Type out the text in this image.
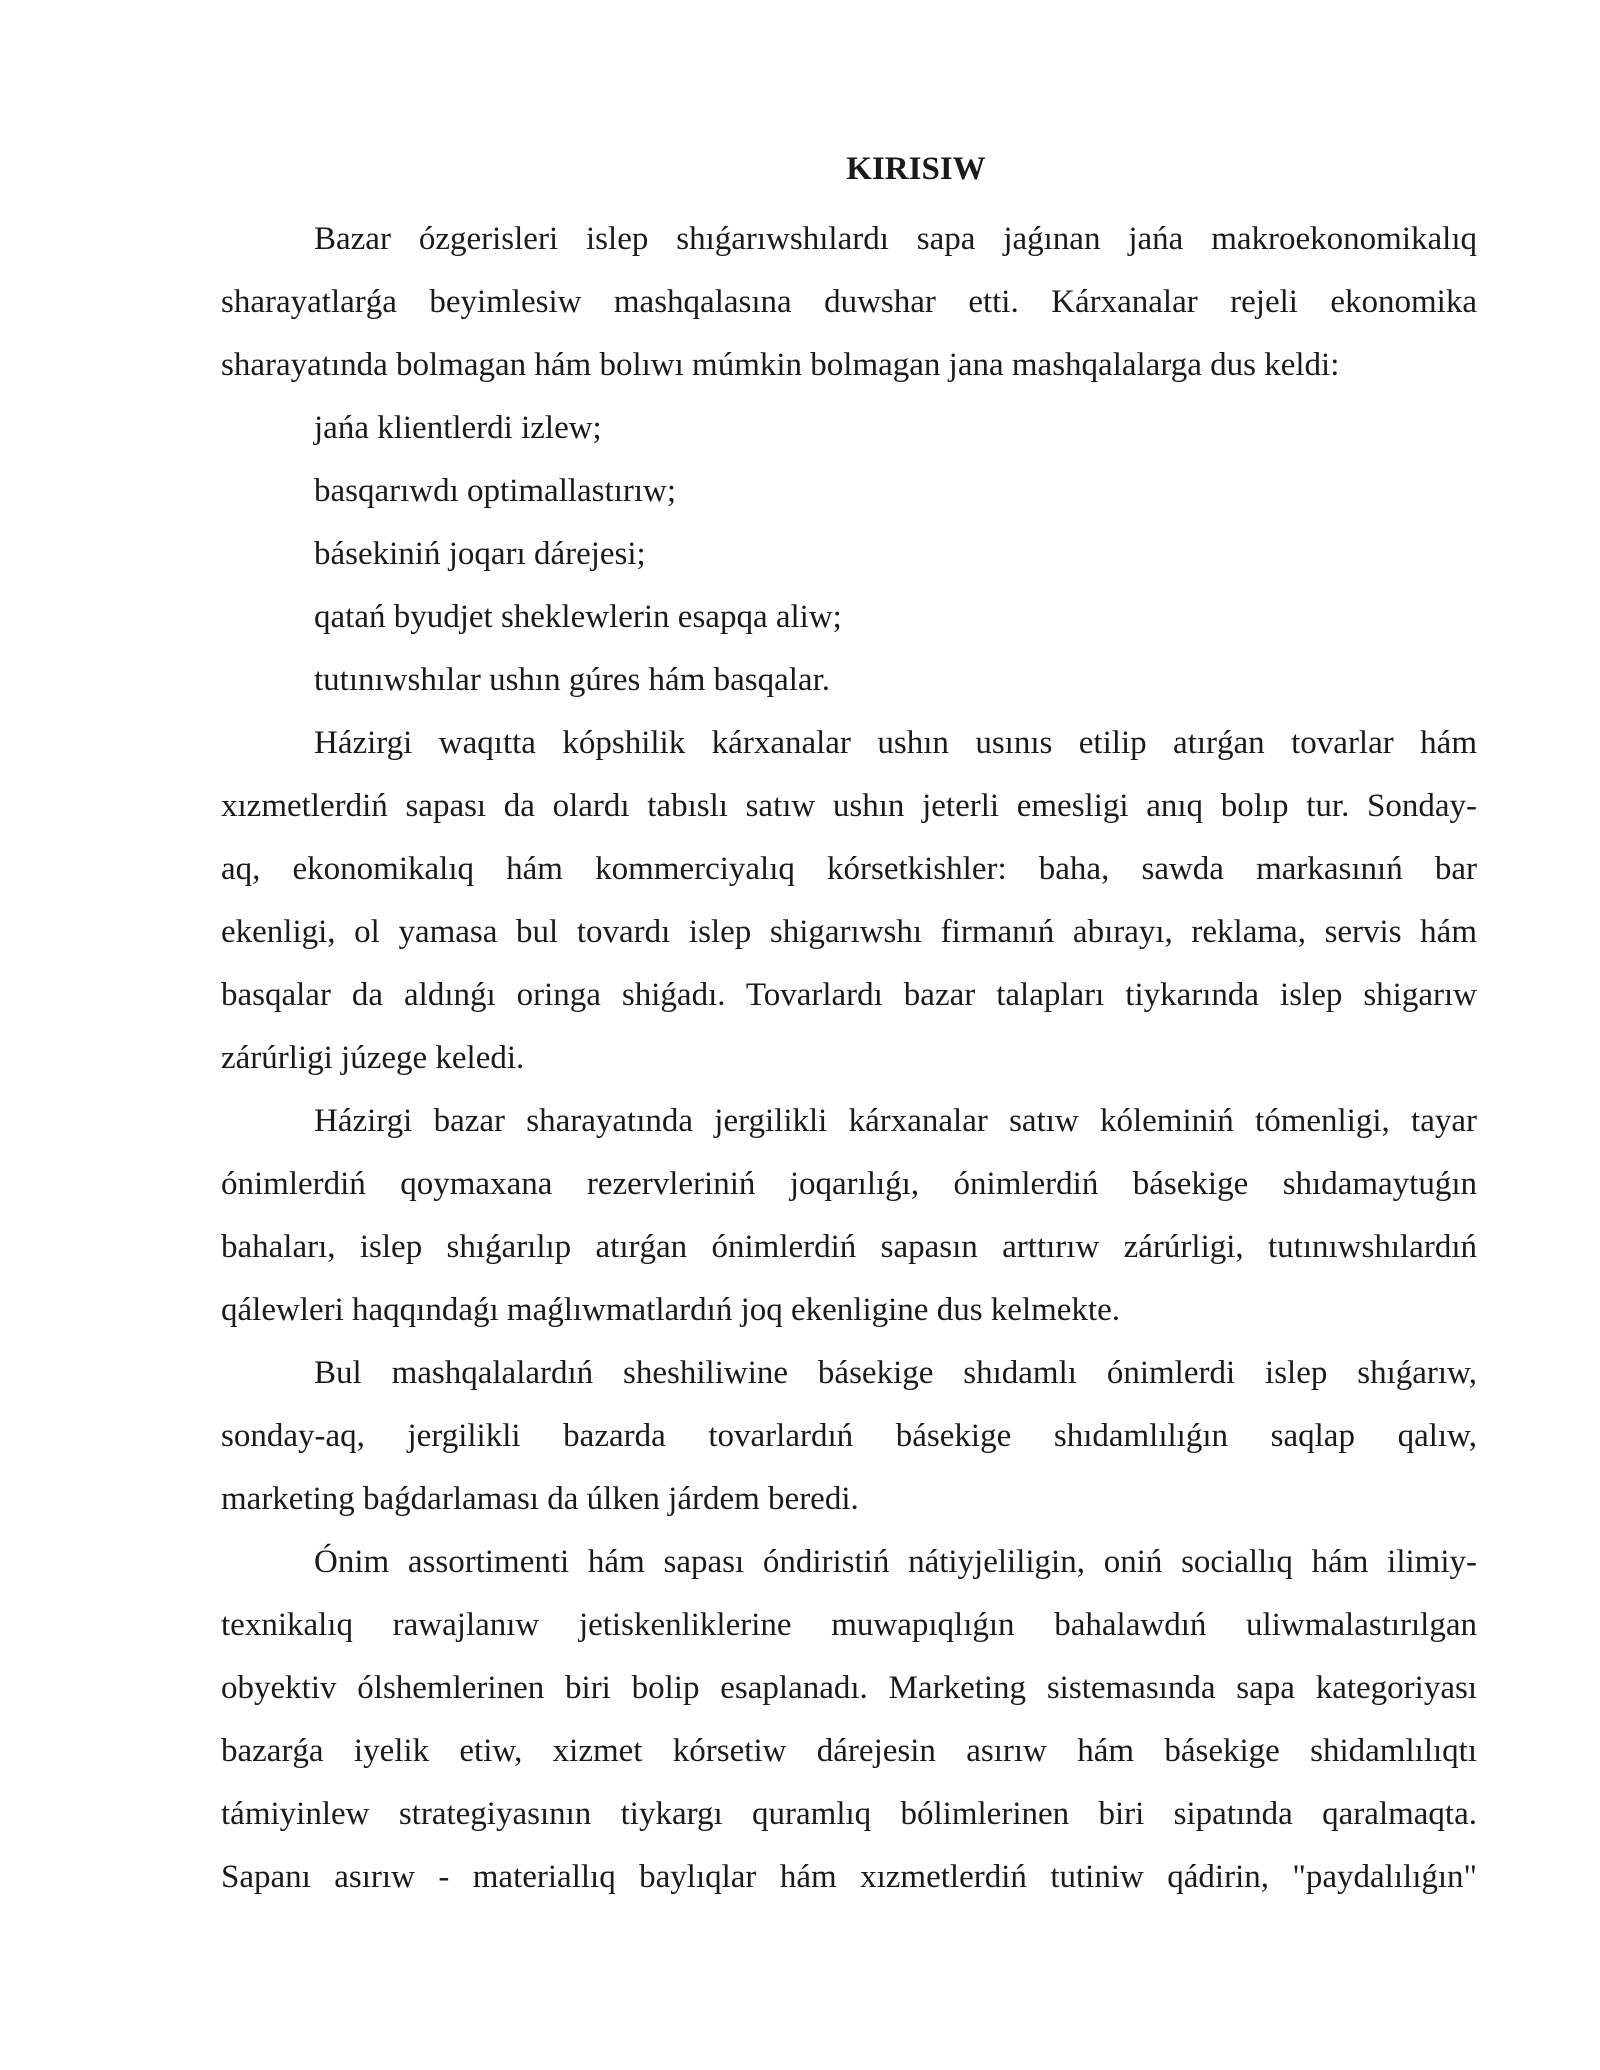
KIRISIW
Bazar ózgerisleri islep shıǵarıwshılardı sapa jaǵınan jańa makroekonomikalıq
sharayatlarǵa beyimlesiw mashqalasına duwshar etti. Kárxanalar rejeli ekonomika
sharayatında bolmagan hám bolıwı múmkin bolmagan jana mashqalalarga dus keldi:
jańa klientlerdi izlew;
basqarıwdı optimallastırıw;
básekiniń joqarı dárejesi;
qatań byudjet sheklewlerin esapqa aliw;
tutınıwshılar ushın gúres hám basqalar.
Házirgi waqıtta kópshilik kárxanalar ushın usınıs etilip atırǵan tovarlar hám
xızmetlerdiń sapası da olardı tabıslı satıw ushın jeterli emesligi anıq bolıp tur. Sonday-
aq, ekonomikalıq hám kommerciyalıq kórsetkishler: baha, sawda markasınıń bar
ekenligi, ol yamasa bul tovardı islep shigarıwshı firmanıń abırayı, reklama, servis hám
basqalar da aldınǵı oringa shiǵadı. Tovarlardı bazar talapları tiykarında islep shigarıw
zárúrligi júzege keledi.
Házirgi bazar sharayatında jergilikli kárxanalar satıw kóleminiń tómenligi, tayar
ónimlerdiń qoymaxana rezervleriniń joqarılıǵı, ónimlerdiń básekige shıdamaytuǵın
bahaları, islep shıǵarılıp atırǵan ónimlerdiń sapasın arttırıw zárúrligi, tutınıwshılardıń
qálewleri haqqındaǵı maǵlıwmatlardıń joq ekenligine dus kelmekte.
Bul mashqalalardıń sheshiliwine básekige shıdamlı ónimlerdi islep shıǵarıw,
sonday-aq, jergilikli bazarda tovarlardıń básekige shıdamlılıǵın saqlap qalıw,
marketing baǵdarlaması da úlken járdem beredi.
Ónim assortimenti hám sapası óndiristiń nátiyjeliligin, oniń sociallıq hám ilimiy-
texnikalıq rawajlanıw jetiskenliklerine muwapıqlıǵın bahalawdıń uliwmalastırılgan
obyektiv ólshemlerinen biri bolip esaplanadı. Marketing sistemasında sapa kategoriyası
bazarǵa iyelik etiw, xizmet kórsetiw dárejesin asırıw hám básekige shidamlılıqtı
támiyinlew strategiyasının tiykargı quramlıq bólimlerinen biri sipatında qaralmaqta.
Sapanı asırıw - materiallıq baylıqlar hám xızmetlerdiń tutiniw qádirin, "paydalılıǵın"
